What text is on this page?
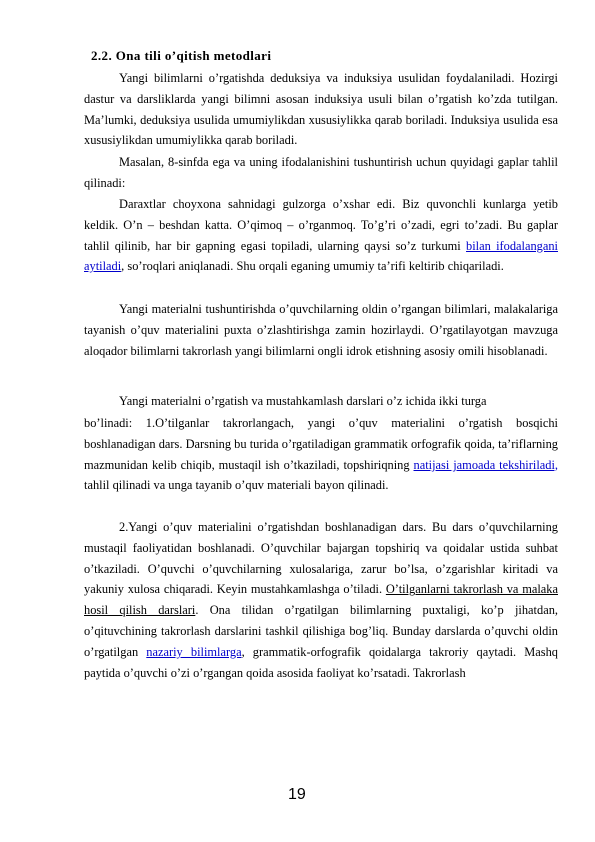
2.2. Ona tili o’qitish metodlari
Yangi bilimlarni o’rgatishda deduksiya va induksiya usulidan foydalaniladi. Hozirgi dastur va darsliklarda yangi bilimni asosan induksiya usuli bilan o’rgatish ko’zda tutilgan. Ma’lumki, deduksiya usulida umumiylikdan xususiylikka qarab boriladi. Induksiya usulida esa xususiylikdan umumiylikka qarab boriladi.
Masalan, 8-sinfda ega va uning ifodalanishini tushuntirish uchun quyidagi gaplar tahlil qilinadi:
Daraxtlar choyxona sahnidagi gulzorga o’xshar edi. Biz quvonchli kunlarga yetib keldik. O’n – beshdan katta. O’qimoq – o’rganmoq. To’g’ri o’zadi, egri to’zadi. Bu gaplar tahlil qilinib, har bir gapning egasi topiladi, ularning qaysi so’z turkumi bilan ifodalangani aytiladi, so’roqlari aniqlanadi. Shu orqali eganing umumiy ta’rifi keltirib chiqariladi.
Yangi materialni tushuntirishda o’quvchilarning oldin o’rgangan bilimlari, malakalariga tayanish o’quv materialini puxta o’zlashtirishga zamin hozirlaydi. O’rgatilayotgan mavzuga aloqador bilimlarni takrorlash yangi bilimlarni ongli idrok etishning asosiy omili hisoblanadi.
Yangi materialni o’rgatish va mustahkamlash darslari o’z ichida ikki turga
bo’linadi: 1.O’tilganlar takrorlangach, yangi o’quv materialini o’rgatish bosqichi boshlanadigan dars. Darsning bu turida o’rgatiladigan grammatik orfografik qoida, ta’riflarning mazmunidan kelib chiqib, mustaqil ish o’tkaziladi, topshiriqning natijasi jamoada tekshiriladi, tahlil qilinadi va unga tayanib o’quv materiali bayon qilinadi.
2.Yangi o’quv materialini o’rgatishdan boshlanadigan dars. Bu dars o’quvchilarning mustaqil faoliyatidan boshlanadi. O’quvchilar bajargan topshiriq va qoidalar ustida suhbat o’tkaziladi. O’quvchi o’quvchilarning xulosalariga, zarur bo’lsa, o’zgarishlar kiritadi va yakuniy xulosa chiqaradi. Keyin mustahkamlashga o’tiladi. O’tilganlarni takrorlash va malaka hosil qilish darslari. Ona tilidan o’rgatilgan bilimlarning puxtaligi, ko’p jihatdan, o’qituvchining takrorlash darslarini tashkil qilishiga bog’liq. Bunday darslarda o’quvchi oldin o’rgatilgan nazariy bilimlarga, grammatik-orfografik qoidalarga takroriy qaytadi. Mashq paytida o’quvchi o’zi o’rgangan qoida asosida faoliyat ko’rsatadi. Takrorlash
19
